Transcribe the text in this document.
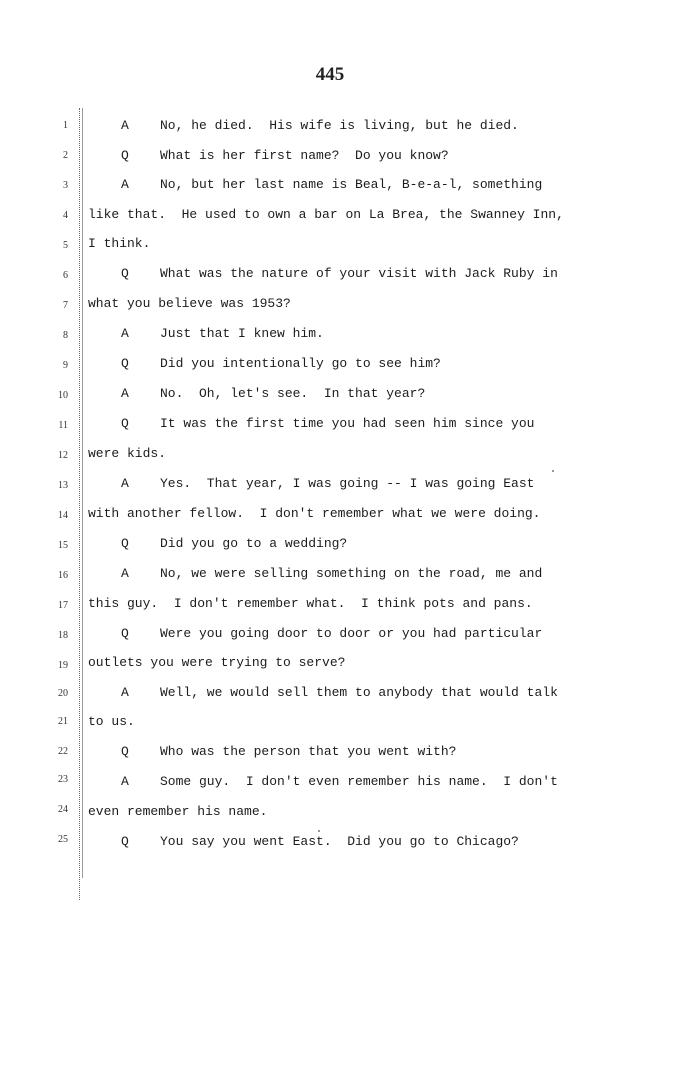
445
1	A No, he died.  His wife is living, but he died.
2	Q What is her first name?  Do you know?
3	A No, but her last name is Beal, B-e-a-l, something
4 like that.  He used to own a bar on La Brea, the Swanney Inn,
5 I think.
6	Q What was the nature of your visit with Jack Ruby in
7 what you believe was 1953?
8	A Just that I knew him.
9	Q Did you intentionally go to see him?
10	A No.  Oh, let's see.  In that year?
11	Q It was the first time you had seen him since you
12 were kids.
13	A Yes.  That year, I was going -- I was going East
14 with another fellow.  I don't remember what we were doing.
15	Q Did you go to a wedding?
16	A No, we were selling something on the road, me and
17 this guy.  I don't remember what.  I think pots and pans.
18	Q Were you going door to door or you had particular
19 outlets you were trying to serve?
20	A Well, we would sell them to anybody that would talk
21 to us.
22	Q Who was the person that you went with?
23	A Some guy.  I don't even remember his name.  I don't
24 even remember his name.
25	Q You say you went East.  Did you go to Chicago?
